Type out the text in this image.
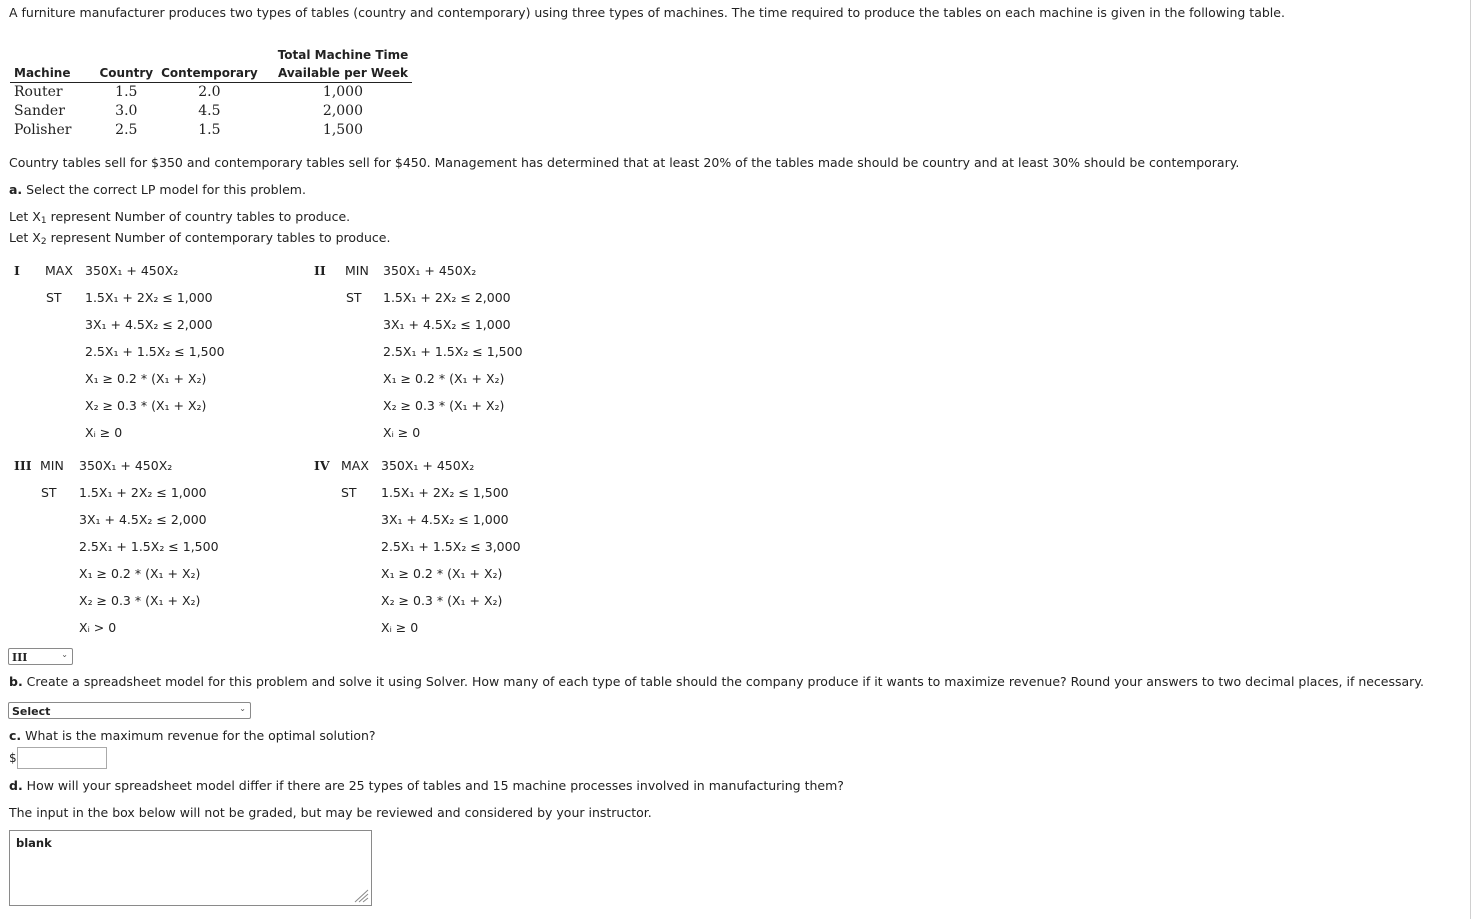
A furniture manufacturer produces two types of tables (country and contemporary) using three types of machines. The time required to produce the tables on each machine is given in the following table.
			Total Machine Time
Machine	Country	Contemporary	Available per Week
Router	1.5	2.0	1,000
Sander	3.0	4.5	2,000
Polisher	2.5	1.5	1,500
Country tables sell for $350 and contemporary tables sell for $450. Management has determined that at least 20% of the tables made should be country and at least 30% should be contemporary.
a. Select the correct LP model for this problem.
Let $X_1$ represent Number of country tables to produce.
Let $X_2$ represent Number of contemporary tables to produce.
I MAX 350X₁ + 450X₂
ST 1.5X₁ + 2X₂ ≤ 1,000
3X₁ + 4.5X₂ ≤ 2,000
2.5X₁ + 1.5X₂ ≤ 1,500
X₁ ≥ 0.2 * (X₁ + X₂)
X₂ ≥ 0.3 * (X₁ + X₂)
Xᵢ ≥ 0
II MIN 350X₁ + 450X₂
ST 1.5X₁ + 2X₂ ≤ 2,000
3X₁ + 4.5X₂ ≤ 1,000
2.5X₁ + 1.5X₂ ≤ 1,500
X₁ ≥ 0.2 * (X₁ + X₂)
X₂ ≥ 0.3 * (X₁ + X₂)
Xᵢ ≥ 0
III MIN 350X₁ + 450X₂
ST 1.5X₁ + 2X₂ ≤ 1,000
3X₁ + 4.5X₂ ≤ 2,000
2.5X₁ + 1.5X₂ ≤ 1,500
X₁ ≥ 0.2 * (X₁ + X₂)
X₂ ≥ 0.3 * (X₁ + X₂)
Xᵢ > 0
IV MAX 350X₁ + 450X₂
ST 1.5X₁ + 2X₂ ≤ 1,500
3X₁ + 4.5X₂ ≤ 1,000
2.5X₁ + 1.5X₂ ≤ 3,000
X₁ ≥ 0.2 * (X₁ + X₂)
X₂ ≥ 0.3 * (X₁ + X₂)
Xᵢ ≥ 0
III	⌄
b. Create a spreadsheet model for this problem and solve it using Solver. How many of each type of table should the company produce if it wants to maximize revenue? Round your answers to two decimal places, if necessary.
Select	⌄
c. What is the maximum revenue for the optimal solution?
$
d. How will your spreadsheet model differ if there are 25 types of tables and 15 machine processes involved in manufacturing them?
The input in the box below will not be graded, but may be reviewed and considered by your instructor.
blank
